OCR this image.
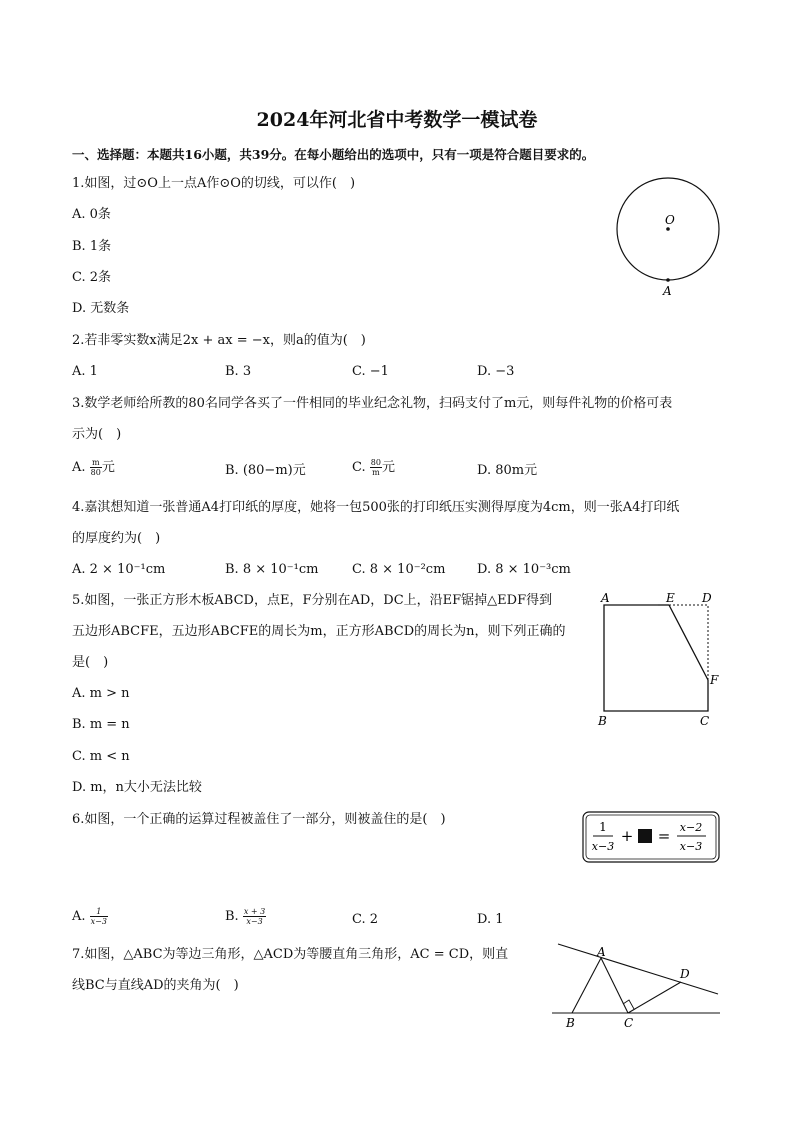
2024年河北省中考数学一模试卷
一、选择题：本题共16小题，共39分。在每小题给出的选项中，只有一项是符合题目要求的。
1.如图，过⊙O上一点A作⊙O的切线，可以作(　)
A. 0条
B. 1条
C. 2条
D. 无数条
O
A
2.若非零实数x满足2x + ax = −x，则a的值为(　)
A. 1	B. 3	C. −1	D. −3
3.数学老师给所教的80名同学各买了一件相同的毕业纪念礼物，扫码支付了m元，则每件礼物的价格可表
示为(　)
A. $\frac{m}{80}$ 元	B. (80−m)元	C. $\frac{80}{m}$ 元	D. 80m元
4.嘉淇想知道一张普通A4打印纸的厚度，她将一包500张的打印纸压实测得厚度为4cm，则一张A4打印纸
的厚度约为(　)
A. 2 × 10⁻¹cm	B. 8 × 10⁻¹cm	C. 8 × 10⁻²cm D. 8 × 10⁻³cm
5.如图，一张正方形木板ABCD，点E，F分别在AD，DC上，沿EF锯掉△EDF得到
五边形ABCFE，五边形ABCFE的周长为m，正方形ABCD的周长为n，则下列正确的
是(　)
A. m > n
B. m = n
C. m < n
D. m，n大小无法比较
A	E D
F
B	C
6.如图，一个正确的运算过程被盖住了一部分，则被盖住的是(　)	1
x−3
+ = x−2
x−3
A. $\frac{1}{x-3}$	B. $\frac{x + 3}{x-3}$	C. 2	D. 1
7.如图，△ABC为等边三角形，△ACD为等腰直角三角形，AC = CD，则直
线BC与直线AD的夹角为(　)
A
B	C
D
